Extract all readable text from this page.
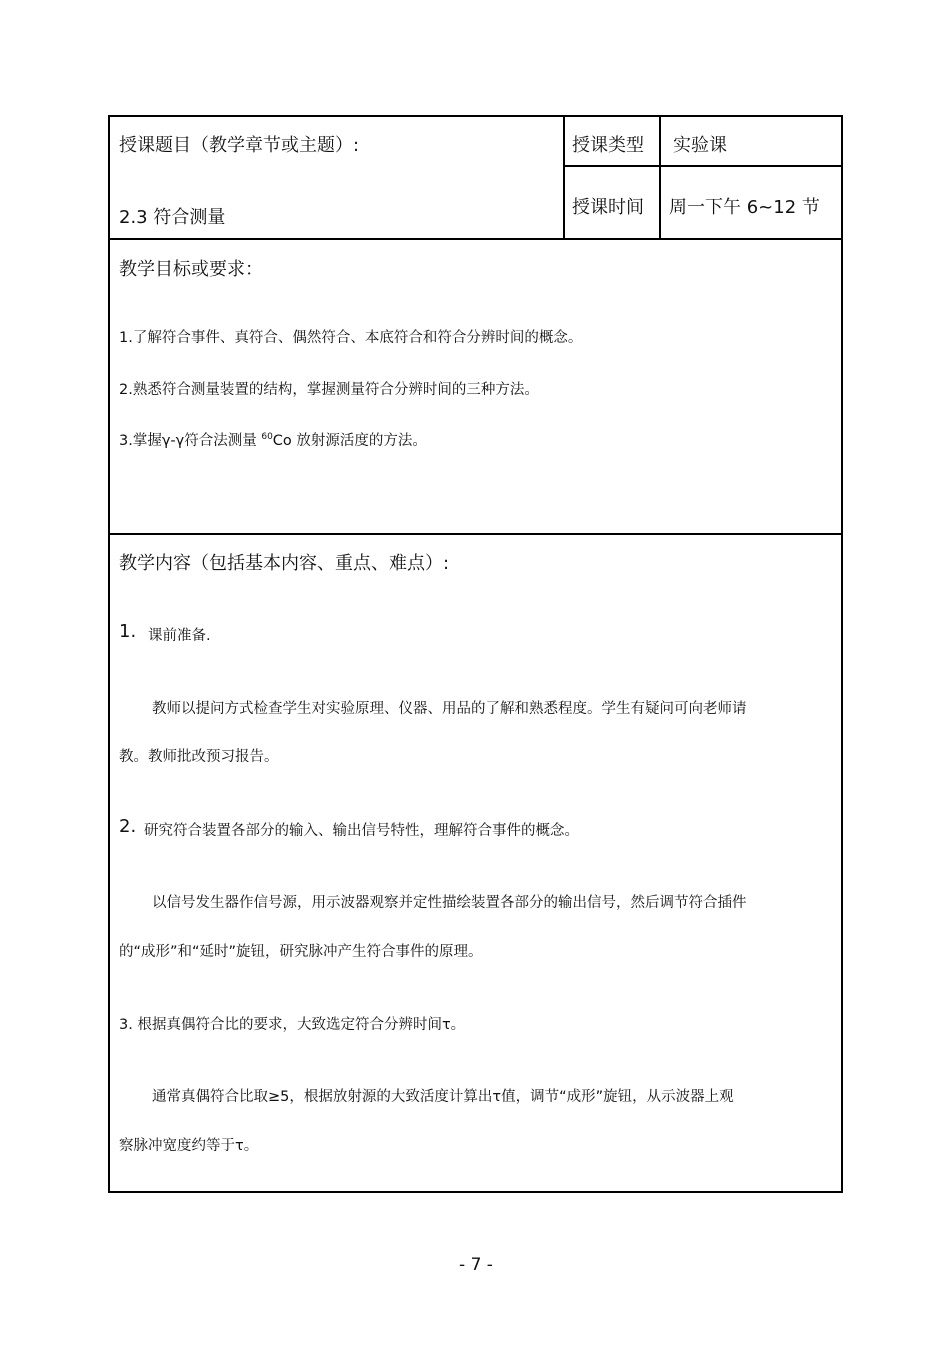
授课题目（教学章节或主题）:
2.3 符合测量
授课类型 实验课
授课时间 周一下午 6~12 节
教学目标或要求：
1.了解符合事件、真符合、偶然符合、本底符合和符合分辨时间的概念。
2.熟悉符合测量装置的结构，掌握测量符合分辨时间的三种方法。
3.掌握γ-γ符合法测量 $^{60}$Co 放射源活度的方法。
教学内容（包括基本内容、重点、难点）:
1. 课前准备.
教师以提问方式检查学生对实验原理、仪器、用品的了解和熟悉程度。学生有疑问可向老师请
教。教师批改预习报告。
2. 研究符合装置各部分的输入、输出信号特性，理解符合事件的概念。
以信号发生器作信号源，用示波器观察并定性描绘装置各部分的输出信号，然后调节符合插件
的“成形”和“延时”旋钮，研究脉冲产生符合事件的原理。
3. 根据真偶符合比的要求，大致选定符合分辨时间τ。
通常真偶符合比取≥5，根据放射源的大致活度计算出τ值，调节“成形”旋钮，从示波器上观
察脉冲宽度约等于τ。
- 7 -
